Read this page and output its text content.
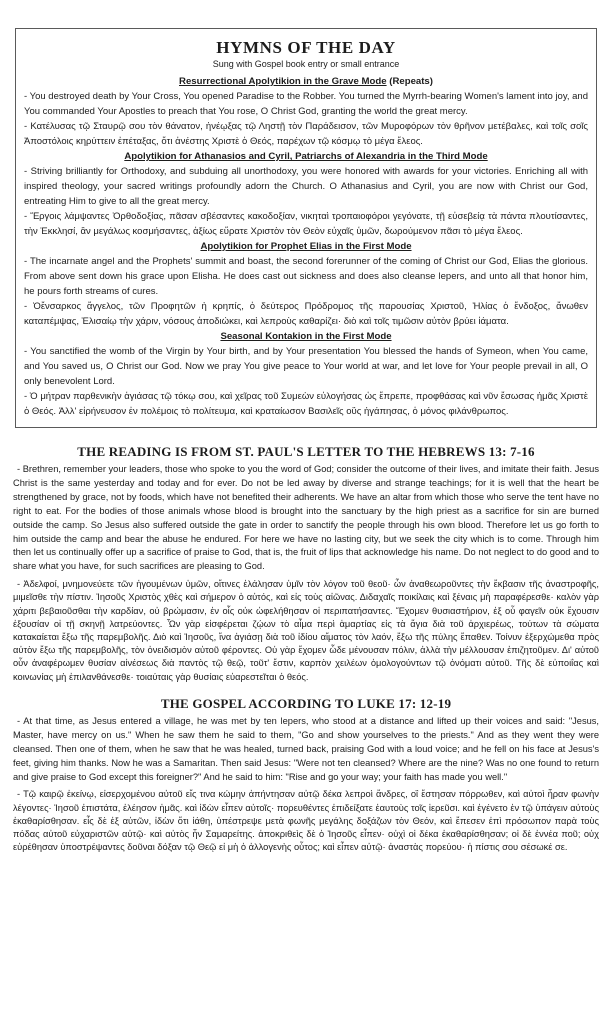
HYMNS OF THE DAY
Sung with Gospel book entry or small entrance
Resurrectional Apolytikion in the Grave Mode (Repeats)

- You destroyed death by Your Cross, You opened Paradise to the Robber. You turned the Myrrh-bearing Women's lament into joy, and You commanded Your Apostles to preach that You rose, O Christ God, granting the world the great mercy.

- Κατέλυσας τῷ Σταυρῷ σου τὸν θάνατον, ἠνέῳξας τῷ Ληστῇ τὸν Παράδεισον, τῶν Μυροφόρων τὸν θρῆνον μετέβαλες, καὶ τοῖς σοῖς Ἀποστόλοις κηρύττειν ἐπέταξας, ὅτι ἀνέστης Χριστὲ ὁ Θεός, παρέχων τῷ κόσμῳ τὸ μέγα ἔλεος.

Apolytikion for Athanasios and Cyril, Patriarchs of Alexandria in the Third Mode

- Striving brilliantly for Orthodoxy, and subduing all unorthodoxy, you were honored with awards for your victories. Enriching all with inspired theology, your sacred writings profoundly adorn the Church. O Athanasius and Cyril, you are now with Christ our God, entreating Him to give to all the great mercy.

- Ἔργοις λάμψαντες Ὀρθοδοξίας, πᾶσαν σβέσαντες κακοδοξίαν, νικηταὶ τροπαιοφόροι γεγόνατε, τῇ εὐσεβείᾳ τὰ πάντα πλουτίσαντες, τὴν Ἐκκλησί, ἂν μεγάλως κοσμήσαντες, ἀξίως εὕρατε Χριστὸν τὸν Θεὸν εὐχαῖς ὑμῶν, δωρούμενον πᾶσι τὸ μέγα ἔλεος.

Apolytikion for Prophet Elias in the First Mode

- The incarnate angel and the Prophets' summit and boast, the second forerunner of the coming of Christ our God, Elias the glorious. From above sent down his grace upon Elisha. He does cast out sickness and does also cleanse lepers, and unto all that honor him, he pours forth streams of cures.

- Ὁἔνσαρκος ἄγγελος, τῶν Προφητῶν ἡ κρηπίς, ὁ δεύτερος Πρόδρομος τῆς παρουσίας Χριστοῦ, Ἠλίας ὁ ἔνδοξος, ἄνωθεν καταπέμψας, Ἑλισαίῳ τὴν χάριν, νόσους ἀποδιώκει, καὶ λεπροὺς καθαρίζει· διὸ καὶ τοῖς τιμῶσιν αὐτὸν βρύει ἰάματα.

Seasonal Kontakion in the First Mode

- You sanctified the womb of the Virgin by Your birth, and by Your presentation You blessed the hands of Symeon, when You came, and You saved us, O Christ our God. Now we pray You give peace to Your world at war, and let love for Your people prevail in all, O only benevolent Lord.

- Ὁ μήτραν παρθενικὴν ἁγιάσας τῷ τόκῳ σου, καὶ χεῖρας τοῦ Συμεὼν εὐλογήσας ὡς ἔπρεπε, προφθάσας καὶ νῦν ἔσωσας ἡμᾶς Χριστὲ ὁ Θεός. Ἀλλ' εἰρήνευσον ἐν πολέμοις τὸ πολίτευμα, καὶ κραταίωσον Βασιλεῖς οὓς ἠγάπησας, ὁ μόνος φιλάνθρωπος.

THE READING IS FROM ST. PAUL'S LETTER TO THE HEBREWS 13: 7-16

- Brethren, remember your leaders, those who spoke to you the word of God; consider the outcome of their lives, and imitate their faith. Jesus Christ is the same yesterday and today and for ever. Do not be led away by diverse and strange teachings; for it is well that the heart be strengthened by grace, not by foods, which have not benefited their adherents. We have an altar from which those who serve the tent have no right to eat. For the bodies of those animals whose blood is brought into the sanctuary by the high priest as a sacrifice for sin are burned outside the camp. So Jesus also suffered outside the gate in order to sanctify the people through his own blood. Therefore let us go forth to him outside the camp and bear the abuse he endured. For here we have no lasting city, but we seek the city which is to come. Through him then let us continually offer up a sacrifice of praise to God, that is, the fruit of lips that acknowledge his name. Do not neglect to do good and to share what you have, for such sacrifices are pleasing to God.

- Ἀδελφοί, μνημονεύετε τῶν ἡγουμένων ὑμῶν, οἵτινες ἐλάλησαν ὑμῖν τὸν λόγον τοῦ θεοῦ· ὧν ἀναθεωροῦντες τὴν ἔκβασιν τῆς ἀναστροφῆς, μιμεῖσθε τὴν πίστιν. Ἰησοῦς Χριστὸς χθὲς καὶ σήμερον ὁ αὐτός, καὶ εἰς τοὺς αἰῶνας. Διδαχαῖς ποικίλαις καὶ ξέναις μὴ παραφέρεσθε· καλὸν γὰρ χάριτι βεβαιοῦσθαι τὴν καρδίαν, οὐ βρώμασιν, ἐν οἷς οὐκ ὠφελήθησαν οἱ περιπατήσαντες. Ἔχομεν θυσιαστήριον, ἐξ οὗ φαγεῖν οὐκ ἔχουσιν ἐξουσίαν οἱ τῇ σκηνῇ λατρεύοντες. Ὧν γὰρ εἰσφέρεται ζῴων τὸ αἷμα περὶ ἁμαρτίας εἰς τὰ ἅγια διὰ τοῦ ἀρχιερέως, τούτων τὰ σώματα κατακαίεται ἔξω τῆς παρεμβολῆς. Διὸ καὶ Ἰησοῦς, ἵνα ἁγιάσῃ διὰ τοῦ ἰδίου αἵματος τὸν λαόν, ἔξω τῆς πύλης ἔπαθεν. Τοίνυν ἐξερχώμεθα πρὸς αὐτὸν ἔξω τῆς παρεμβολῆς, τὸν ὀνειδισμὸν αὐτοῦ φέροντες. Οὐ γὰρ ἔχομεν ὧδε μένουσαν πόλιν, ἀλλὰ τὴν μέλλουσαν ἐπιζητοῦμεν. Δι' αὐτοῦ οὖν ἀναφέρωμεν θυσίαν αἰνέσεως διὰ παντὸς τῷ θεῷ, τοῦτ' ἔστιν, καρπὸν χειλέων ὁμολογούντων τῷ ὀνόματι αὐτοῦ. Τῆς δὲ εὐποιΐας καὶ κοινωνίας μὴ ἐπιλανθάνεσθε· τοιαύταις γὰρ θυσίαις εὐαρεστεῖται ὁ θεός.

THE GOSPEL ACCORDING TO LUKE 17: 12-19

- At that time, as Jesus entered a village, he was met by ten lepers, who stood at a distance and lifted up their voices and said: "Jesus, Master, have mercy on us." When he saw them he said to them, "Go and show yourselves to the priests." And as they went they were cleansed. Then one of them, when he saw that he was healed, turned back, praising God with a loud voice; and he fell on his face at Jesus's feet, giving him thanks. Now he was a Samaritan. Then said Jesus: "Were not ten cleansed? Where are the nine? Was no one found to return and give praise to God except this foreigner?" And he said to him: "Rise and go your way; your faith has made you well."

- Τῷ καιρῷ ἐκείνῳ, εἰσερχομένου αὐτοῦ εἴς τινα κώμην ἀπήντησαν αὐτῷ δέκα λεπροὶ ἄνδρες, οἳ ἔστησαν πόρρωθεν, καὶ αὐτοὶ ἦραν φωνὴν λέγοντες· Ἰησοῦ ἐπιστάτα, ἐλέησον ἡμᾶς. καὶ ἰδὼν εἶπεν αὐτοῖς· πορευθέντες ἐπιδείξατε ἑαυτοὺς τοῖς ἱερεῦσι. καὶ ἐγένετο ἐν τῷ ὑπάγειν αὐτοὺς ἐκαθαρίσθησαν. εἷς δὲ ἐξ αὐτῶν, ἰδὼν ὅτι ἰάθη, ὑπέστρεψε μετὰ φωνῆς μεγάλης δοξάζων τὸν Θεόν, καὶ ἔπεσεν ἐπὶ πρόσωπον παρὰ τοὺς πόδας αὐτοῦ εὐχαριστῶν αὐτῷ· καὶ αὐτὸς ἦν Σαμαρείτης. ἀποκριθεὶς δὲ ὁ Ἰησοῦς εἶπεν· οὐχὶ οἱ δέκα ἐκαθαρίσθησαν; οἱ δὲ ἐννέα ποῦ; οὐχ εὑρέθησαν ὑποστρέψαντες δοῦναι δόξαν τῷ Θεῷ εἰ μὴ ὁ ἀλλογενὴς οὗτος; καὶ εἶπεν αὐτῷ· ἀναστὰς πορεύου· ἡ πίστις σου σέσωκέ σε.
